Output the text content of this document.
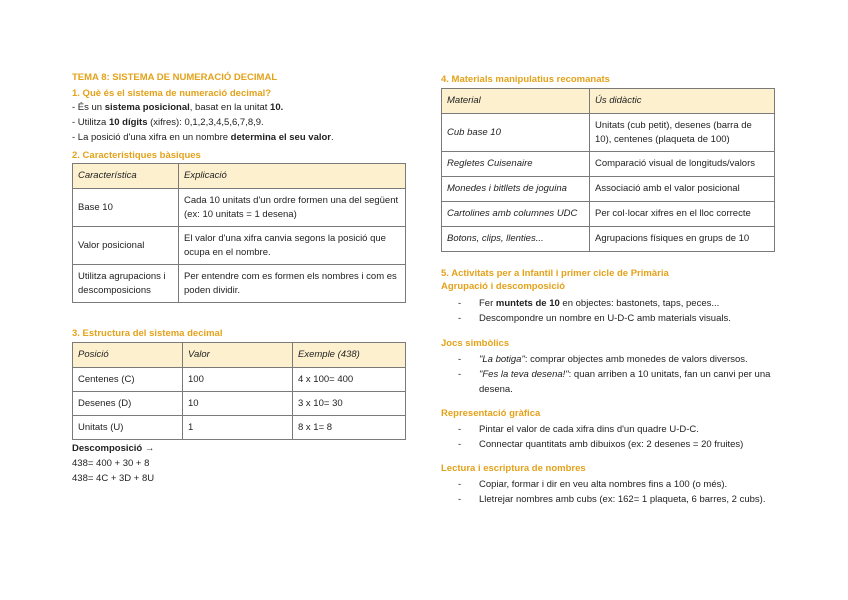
TEMA 8: SISTEMA DE NUMERACIÓ DECIMAL

1. Què és el sistema de numeració decimal?

- És un sistema posicional, basat en la unitat 10.

- Utilitza 10 dígits (xifres): 0,1,2,3,4,5,6,7,8,9.

- La posició d'una xifra en un nombre determina el seu valor.

2. Característiques bàsiques

Característica	Explicació
Base 10	Cada 10 unitats d'un ordre formen una del següent (ex: 10 unitats = 1 desena)
Valor posicional	El valor d'una xifra canvia segons la posició que ocupa en el nombre.
Utilitza agrupacions i descomposicions	Per entendre com es formen els nombres i com es poden dividir.

3. Estructura del sistema decimal

Posició	Valor	Exemple (438)
Centenes (C)	100	4 x 100= 400
Desenes (D)	10	3 x 10= 30
Unitats (U)	1	8 x 1= 8

Descomposició →

438= 400 + 30 + 8

438= 4C + 3D + 8U

4. Materials manipulatius recomanats

Material	Ús didàctic
Cub base 10	Unitats (cub petit), desenes (barra de 10), centenes (plaqueta de 100)
Regletes Cuisenaire	Comparació visual de longituds/valors
Monedes i bitllets de joguina	Associació amb el valor posicional
Cartolines amb columnes UDC	Per col·locar xifres en el lloc correcte
Botons, clips, llenties...	Agrupacions físiques en grups de 10

5. Activitats per a Infantil i primer cicle de Primària

Agrupació i descomposició

- Fer muntets de 10 en objectes: bastonets, taps, peces...
- Descompondre un nombre en U-D-C amb materials visuals.

Jocs simbòlics

- "La botiga": comprar objectes amb monedes de valors diversos.
- "Fes la teva desena!": quan arriben a 10 unitats, fan un canvi per una desena.

Representació gràfica

- Pintar el valor de cada xifra dins d'un quadre U-D-C.
- Connectar quantitats amb dibuixos (ex: 2 desenes = 20 fruites)

Lectura i escriptura de nombres

- Copiar, formar i dir en veu alta nombres fins a 100 (o més).
- Lletrejar nombres amb cubs (ex: 162= 1 plaqueta, 6 barres, 2 cubs).
